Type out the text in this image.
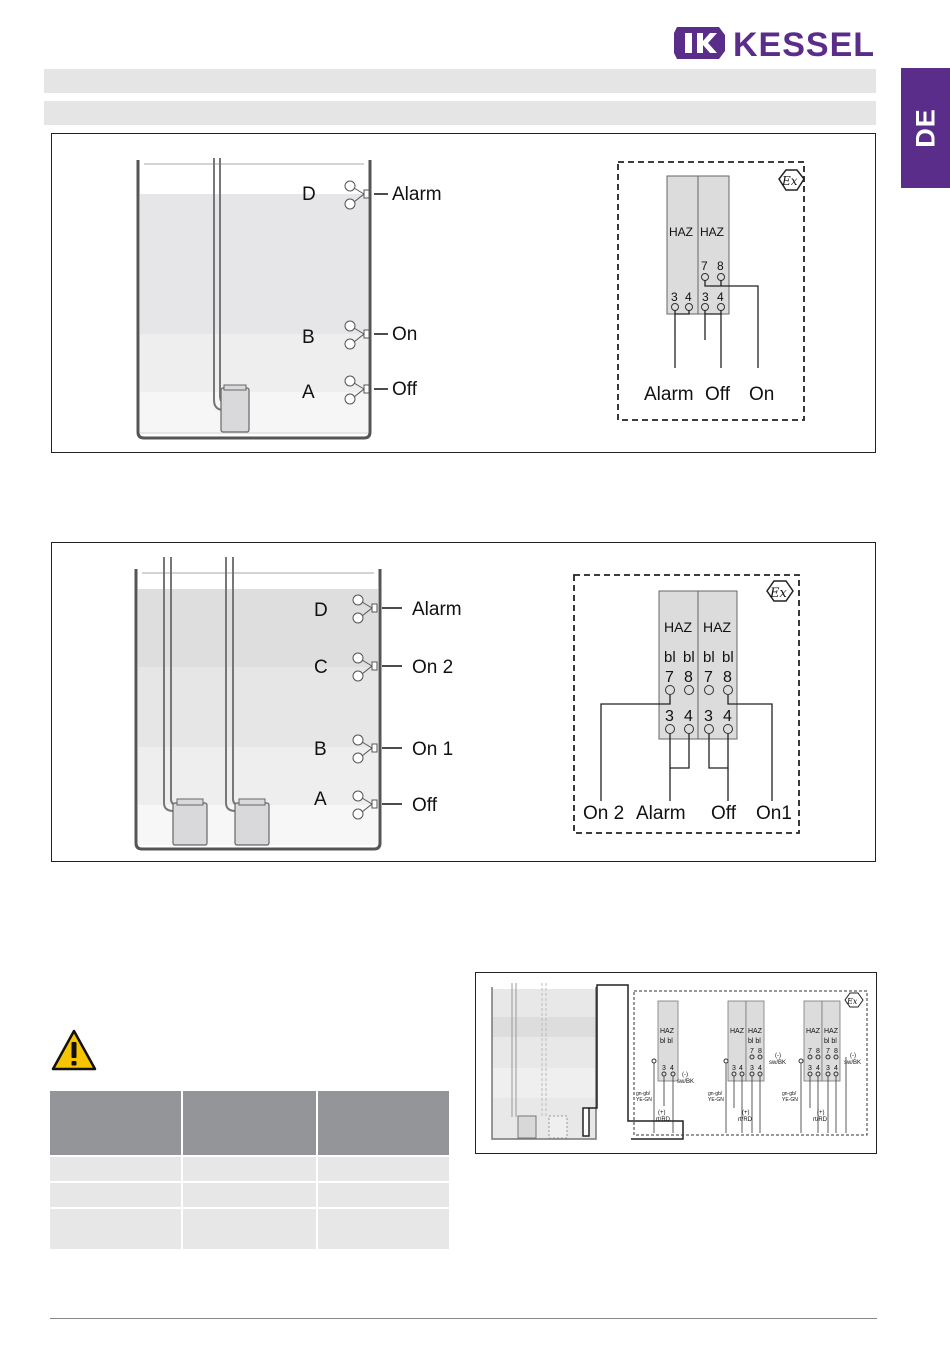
KESSEL
DE
D	Alarm
B	On
A	Off
Ex
HAZ HAZ
7 8
3 4 3 4
Alarm Off On
D	Alarm
C	On 2
B	On 1
A	Off
Ex
HAZ HAZ
bl bl bl bl
7 8 7 8
3 4 3 4
On 2 Alarm Off On1

Ex
HAZ
bl bl
3 4
(-)
sw/BK
gn-gb/
YE-GN
(+)
rt/RD
HAZ HAZ
bl bl
7 8
3 4 3 4
(-)
sw/BK
gn-gb/
YE-GN
(+)
rt/RD
HAZ HAZ
bl bl
7 8 7 8
3 4 3 4
(-)
sw/BK
gn-gb/
YE-GN
(+)
rt/RD
